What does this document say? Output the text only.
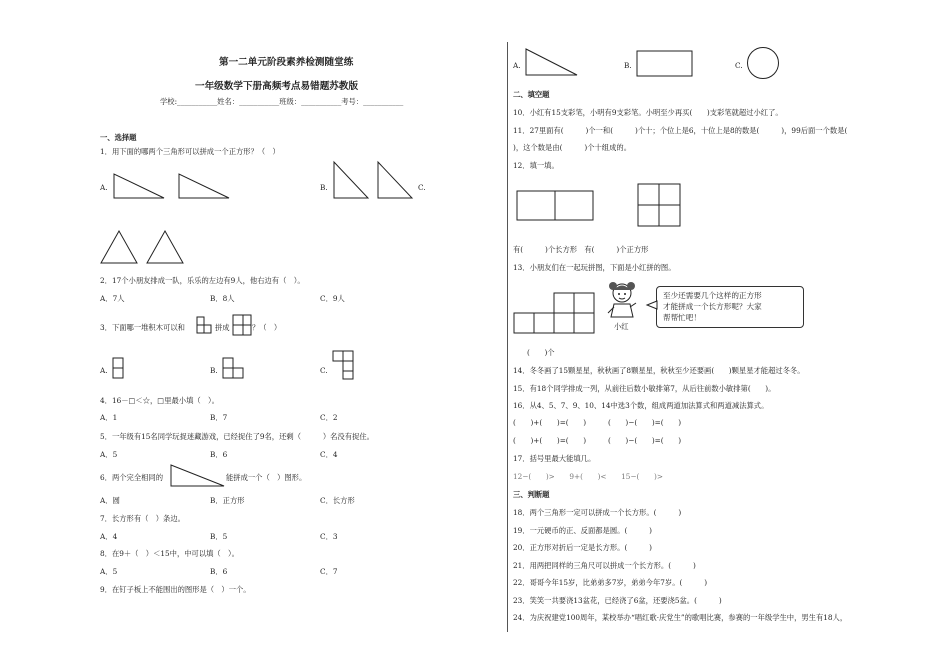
第一二单元阶段素养检测随堂练
一年级数学下册高频考点易错题苏教版
学校:___________姓名：___________班级：___________考号：___________
一、选择题
1．用下面的哪两个三角形可以拼成一个正方形？（　）
A.	B.	C.
2．17个小朋友排成一队，乐乐的左边有9人，他右边有（　）。
A．7人	B．8人	C．9人
3．下面哪一堆积木可以和	拼成	？（　）
A.	B.	C.
4．16－□＜☆，□里最小填（　）。
A．1	B．7	C．2
5．一年级有15名同学玩捉迷藏游戏，已经捉住了9名，还剩（　　　）名没有捉住。
A．5	B．6	C．4
6．两个完全相同的	能拼成一个（　）图形。
A．圆	B．正方形	C．长方形
7．长方形有（　）条边。
A．4	B．5	C．3
8．在9＋（　）＜15中，中可以填（　）。
A．5	B．6	C．7
9．在钉子板上不能围出的图形是（　）一个。
A.	B.	C.
二、填空题
10．小红有15支彩笔，小明有9支彩笔。小明至少再买(　　)支彩笔就超过小红了。
11．27里面有(　　　)个一和(　　　)个十；个位上是6，十位上是8的数是(　　　)，99后面一个数是(
)，这个数是由(　　　)个十组成的。
12．填一填。
有(　　　)个长方形　有(　　　)个正方形
13．小朋友们在一起玩拼图，下面是小红拼的图。
小红
至少还需要几个这样的正方形
才能拼成一个长方形呢？大家
帮帮忙吧！
(　　)个
14．冬冬画了15颗星星，秋秋画了8颗星星，秋秋至少还要画(　　)颗星星才能超过冬冬。
15．有18个同学排成一列，从前往后数小敏排第7，从后往前数小敏排第(　　)。
16．从4、5、7、9、10、14中选3个数，组成两道加法算式和两道减法算式。
(　　)+(　　)=(　　)　　　(　　)−(　　)=(　　)
(　　)+(　　)=(　　)　　　(　　)−(　　)=(　　)
17．括号里最大能填几。
12−(　　)>　　9+(　　)<　　15−(　　)>
三、判断题
18．两个三角形一定可以拼成一个长方形。(　　　)
19．一元硬币的正、反面都是圆。(　　　)
20．正方形对折后一定是长方形。(　　　)
21．用两把同样的三角尺可以拼成一个长方形。(　　　)
22．哥哥今年15岁，比弟弟多7岁，弟弟今年7岁。(　　　)
23．笑笑一共要浇13盆花，已经浇了6盆，还要浇5盆。(　　　)
24．为庆祝建党100周年，某校举办“唱红歌·庆党生”的歌唱比赛，参赛的一年级学生中，男生有18人，
